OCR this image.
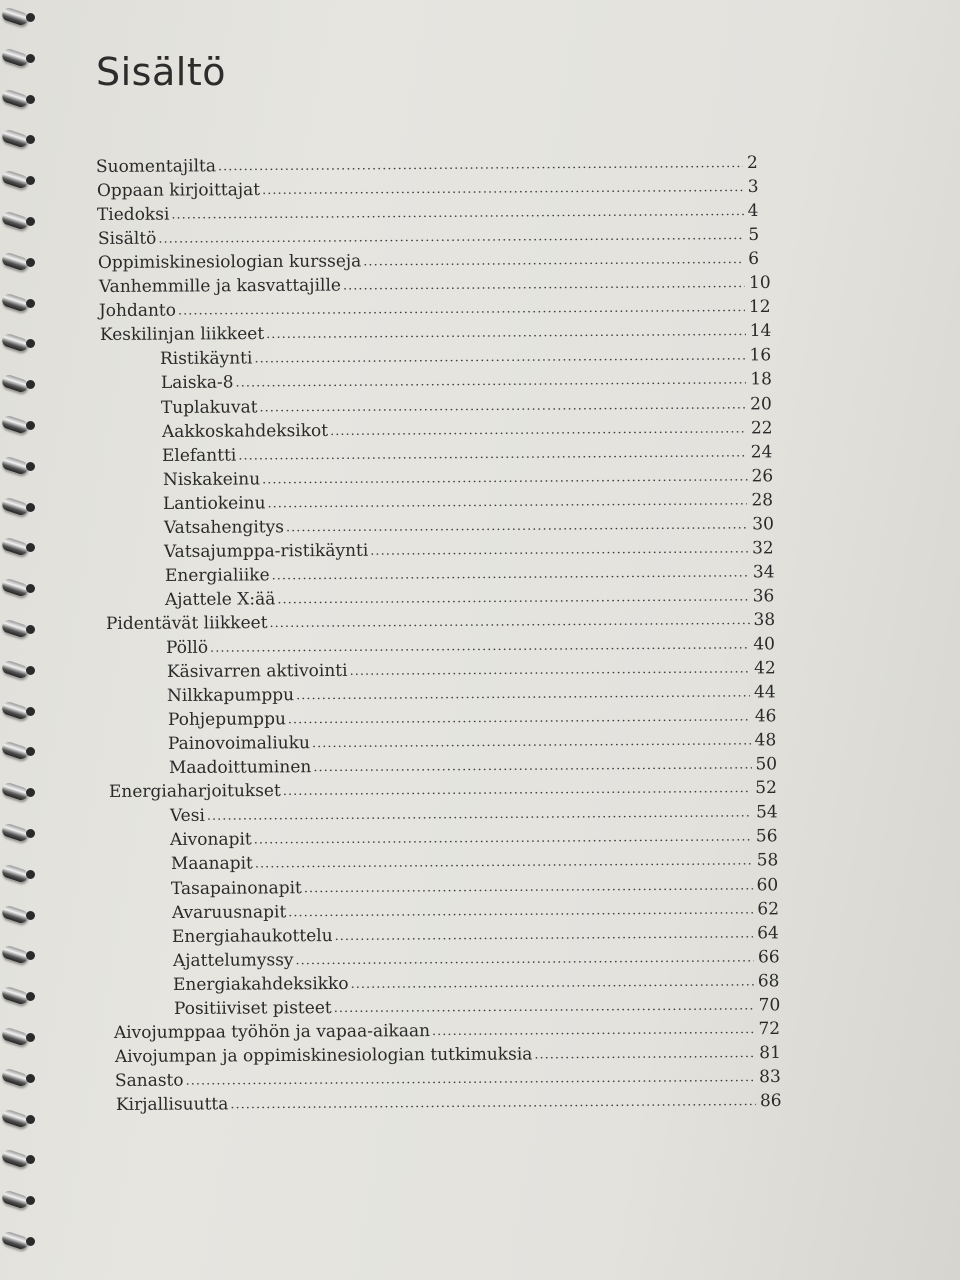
Sisältö
Suomentajilta .....	2
Oppaan kirjoittajat .....	3
Tiedoksi .....	4
Sisältö .....	5
Oppimiskinesiologian kursseja .....	6
Vanhemmille ja kasvattajille .....	10
Johdanto .....	12
Keskilinjan liikkeet .....	14
Ristikäynti .....	16
Laiska-8 .....	18
Tuplakuvat .....	20
Aakkoskahdeksikot .....	22
Elefantti .....	24
Niskakeinu .....	26
Lantiokeinu .....	28
Vatsahengitys .....	30
Vatsajumppa-ristikäynti .....	32
Energialiike .....	34
Ajattele X:ää .....	36
Pidentävät liikkeet .....	38
Pöllö .....	40
Käsivarren aktivointi .....	42
Nilkkapumppu .....	44
Pohjepumppu .....	46
Painovoimaliuku .....	48
Maadoittuminen .....	50
Energiaharjoitukset .....	52
Vesi .....	54
Aivonapit .....	56
Maanapit .....	58
Tasapainonapit .....	60
Avaruusnapit .....	62
Energiahaukottelu .....	64
Ajattelumyssy .....	66
Energiakahdeksikko .....	68
Positiiviset pisteet .....	70
Aivojumppaa työhön ja vapaa-aikaan .....	72
Aivojumpan ja oppimiskinesiologian tutkimuksia .....	81
Sanasto .....	83
Kirjallisuutta .....	86
